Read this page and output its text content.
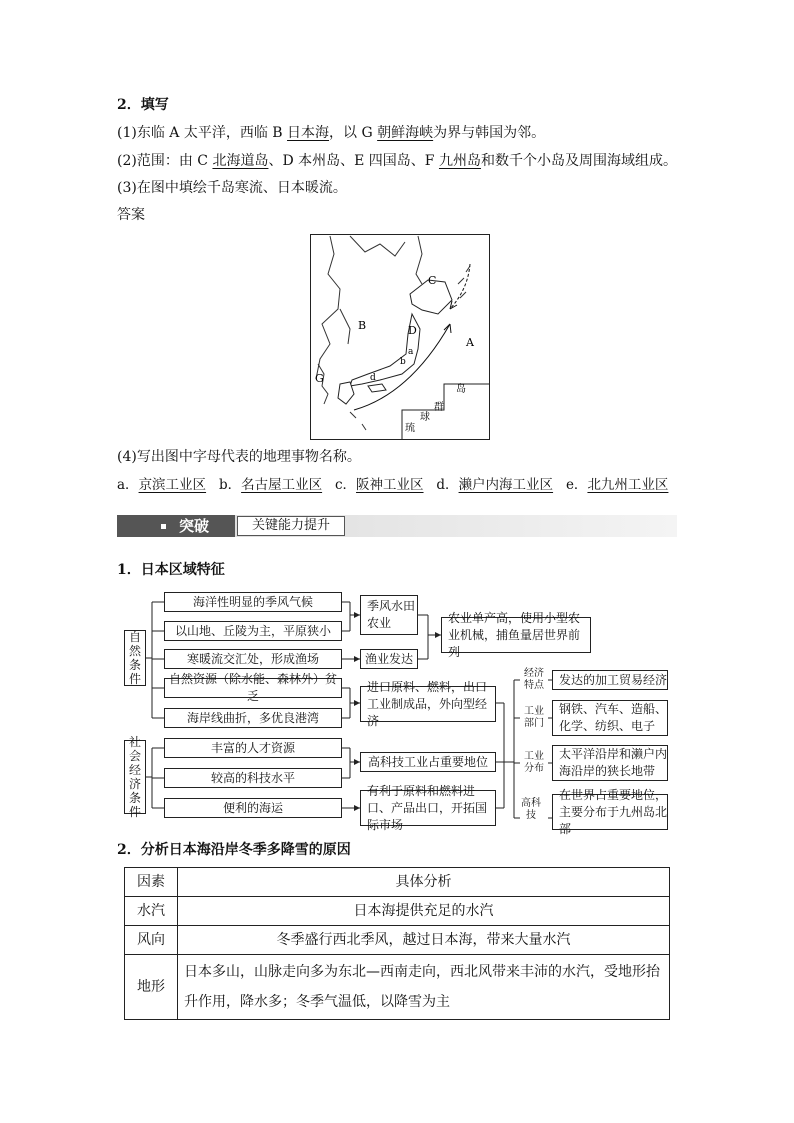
2．填写
(1)东临 A 太平洋，西临 B 日本海，以 G 朝鲜海峡为界与韩国为邻。
(2)范围：由 C 北海道岛、D 本州岛、E 四国岛、F 九州岛和数千个小岛及周围海域组成。
(3)在图中填绘千岛寒流、日本暖流。
答案
C
B	D
A
G
a
b
d
琉
球
群
岛
(4)写出图中字母代表的地理事物名称。
a．京滨工业区 b．名古屋工业区 c．阪神工业区 d．濑户内海工业区 e．北九州工业区
突破	关键能力提升
1．日本区域特征
自然条件
社会经济条件
海洋性明显的季风气候
以山地、丘陵为主，平原狭小
寒暖流交汇处，形成渔场
自然资源（除水能、森林外）贫乏
海岸线曲折，多优良港湾
丰富的人才资源
较高的科技水平
便利的海运
季风水田农业
渔业发达
进口原料、燃料，出口工业制成品，外向型经济
高科技工业占重要地位
有利于原料和燃料进口、产品出口，开拓国际市场
农业单产高，使用小型农业机械，捕鱼量居世界前列
经济特点
工业部门
工业分布
高科技
发达的加工贸易经济
钢铁、汽车、造船、化学、纺织、电子
太平洋沿岸和濑户内海沿岸的狭长地带
在世界占重要地位，主要分布于九州岛北部
2．分析日本海沿岸冬季多降雪的原因
因素	具体分析
水汽	日本海提供充足的水汽
风向	冬季盛行西北季风，越过日本海，带来大量水汽
地形	日本多山，山脉走向多为东北—西南走向，西北风带来丰沛的水汽，受地形抬升作用，降水多；冬季气温低，以降雪为主
